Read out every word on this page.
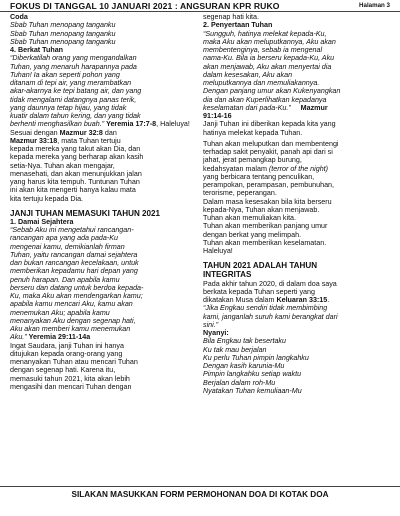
FOKUS DI TANGGAL 10 JANUARI 2021 : ANGSURAN KPR RUKO	Halaman 3

Coda

Sbab Tuhan menopang tanganku

Sbab Tuhan menopang tanganku

Sbab Tuhan menopang tanganku

4. Berkat Tuhan

“Diberkatilah orang yang mengandalkan

Tuhan, yang menaruh harapannya pada

Tuhan! Ia akan seperti pohon yang

ditanam di tepi air, yang merambatkan

akar-akarnya ke tepi batang air, dan yang

tidak mengalami datangnya panas terik,

yang daunnya tetap hijau, yang tidak

kuatir dalam tahun kering, dan yang tidak

berhenti menghasilkan buah.” Yeremia 17:7-8, Haleluya!

Sesuai dengan Mazmur 32:8 dan

Mazmur 33:18, mata Tuhan tertuju

kepada mereka yang takut akan Dia, dan

kepada mereka yang berharap akan kasih

setia-Nya. Tuhan akan mengajar,

menasehati, dan akan menunjukkan jalan

yang harus kita tempuh. Tuntunan Tuhan

ini akan kita mengerti hanya kalau mata

kita tertuju kepada Dia.

JANJI TUHAN MEMASUKI TAHUN 2021

1. Damai Sejahtera

“Sebab Aku ini mengetahui rancangan-

rancangan apa yang ada pada-Ku

mengenai kamu, demikianlah firman

Tuhan, yaitu rancangan damai sejahtera

dan bukan rancangan kecelakaan, untuk

memberikan kepadamu hari depan yang

penuh harapan. Dan apabila kamu

berseru dan datang untuk berdoa kepada-

Ku, maka Aku akan mendengarkan kamu;

apabila kamu mencari Aku, kamu akan

menemukan Aku; apabila kamu

menanyakan Aku dengan segenap hati,

Aku akan memberi kamu menemukan

Aku.” Yeremia 29:11-14a

Ingat Saudara, janji Tuhan ini hanya

ditujukan kepada orang-orang yang

menanyakan Tuhan atau mencari Tuhan

dengan segenap hati. Karena itu,

memasuki tahun 2021, kita akan lebih

mengasihi dan mencari Tuhan dengan

segenap hati kita.

2. Penyertaan Tuhan

“Sungguh, hatinya melekat kepada-Ku,

maka Aku akan meluputkannya, Aku akan

membentenginya, sebab ia mengenal

nama-Ku. Bila ia berseru kepada-Ku, Aku

akan menjawab, Aku akan menyertai dia

dalam kesesakan, Aku akan

meluputkannya dan memuliakannya.

Dengan panjang umur akan Kukenyangkan

dia dan akan Kuperlihatkan kepadanya

keselamatan dari pada-Ku.” Mazmur

91:14-16

Janji Tuhan ini diberikan kepada kita yang

hatinya melekat kepada Tuhan.

Tuhan akan meluputkan dan membentengi

terhadap sakit penyakit, panah api dari si

jahat, jerat pemangkap burung,

kedahsyatan malam (terror of the night)

yang berbicara tentang penculikan,

perampokan, perampasan, pembunuhan,

terorisme, peperangan.

Dalam masa kesesakan bila kita berseru

kepada-Nya, Tuhan akan menjawab.

Tuhan akan memuliakan kita.

Tuhan akan memberikan panjang umur

dengan berkat yang melimpah.

Tuhan akan memberikan keselamatan.

Haleluya!

TAHUN 2021 ADALAH TAHUN

INTEGRITAS

Pada akhir tahun 2020, di dalam doa saya

berkata kepada Tuhan seperti yang

dikatakan Musa dalam Keluaran 33:15.

“Jika Engkau sendiri tidak membimbing

kami, janganlah suruh kami berangkat dari

sini.”

Nyanyi:

Bila Engkau tak besertaku

Ku tak mau berjalan

Ku perlu Tuhan pimpin langkahku

Dengan kasih karunia-Mu

Pimpin langkahku setiap waktu

Berjalan dalam roh-Mu

Nyatakan Tuhan kemuliaan-Mu

SILAKAN MASUKKAN FORM PERMOHONAN DOA DI KOTAK DOA
